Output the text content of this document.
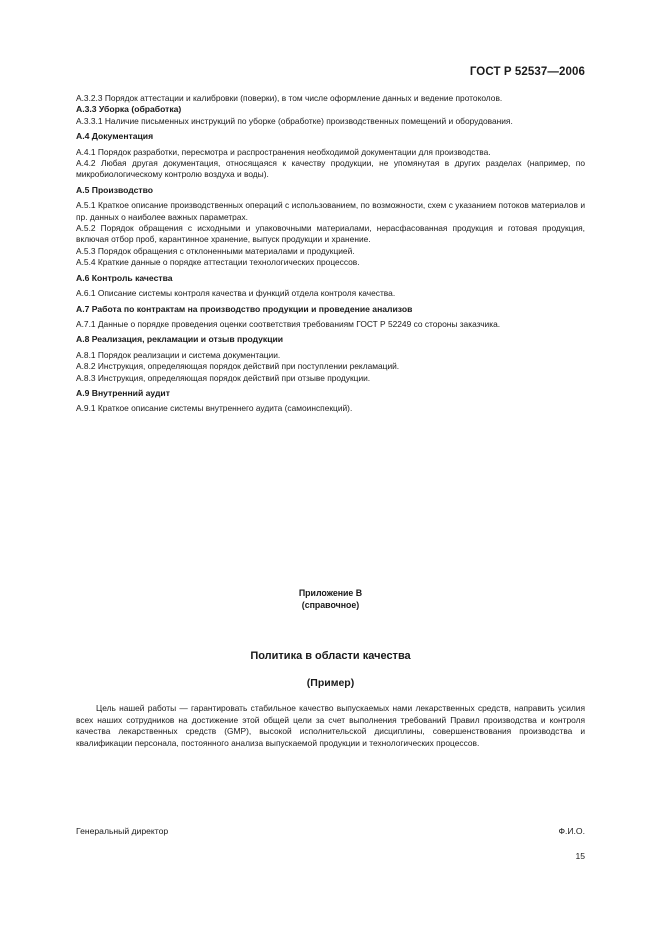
ГОСТ Р 52537—2006

А.3.2.3 Порядок аттестации и калибровки (поверки), в том числе оформление данных и ведение протоколов.

А.3.3 Уборка (обработка)

А.3.3.1 Наличие письменных инструкций по уборке (обработке) производственных помещений и оборудования.

А.4 Документация

А.4.1 Порядок разработки, пересмотра и распространения необходимой документации для производства.

А.4.2 Любая другая документация, относящаяся к качеству продукции, не упомянутая в других разделах (например, по микробиологическому контролю воздуха и воды).

А.5 Производство

А.5.1 Краткое описание производственных операций с использованием, по возможности, схем с указанием потоков материалов и пр. данных о наиболее важных параметрах.

А.5.2 Порядок обращения с исходными и упаковочными материалами, нерасфасованная продукция и готовая продукция, включая отбор проб, карантинное хранение, выпуск продукции и хранение.

А.5.3 Порядок обращения с отклоненными материалами и продукцией.

А.5.4 Краткие данные о порядке аттестации технологических процессов.

А.6 Контроль качества

А.6.1 Описание системы контроля качества и функций отдела контроля качества.

А.7 Работа по контрактам на производство продукции и проведение анализов

А.7.1 Данные о порядке проведения оценки соответствия требованиям ГОСТ Р 52249 со стороны заказчика.

А.8 Реализация, рекламации и отзыв продукции

А.8.1 Порядок реализации и система документации.

А.8.2 Инструкция, определяющая порядок действий при поступлении рекламаций.

А.8.3 Инструкция, определяющая порядок действий при отзыве продукции.

А.9 Внутренний аудит

А.9.1 Краткое описание системы внутреннего аудита (самоинспекций).

Приложение В
(справочное)
Политика в области качества
(Пример)

Цель нашей работы — гарантировать стабильное качество выпускаемых нами лекарственных средств, направить усилия всех наших сотрудников на достижение этой общей цели за счет выполнения требований Правил производства и контроля качества лекарственных средств (GMP), высокой исполнительской дисциплины, совершенствования производства и квалификации персонала, постоянного анализа выпускаемой продукции и технологических процессов.

Генеральный директор	Ф.И.О.
15
